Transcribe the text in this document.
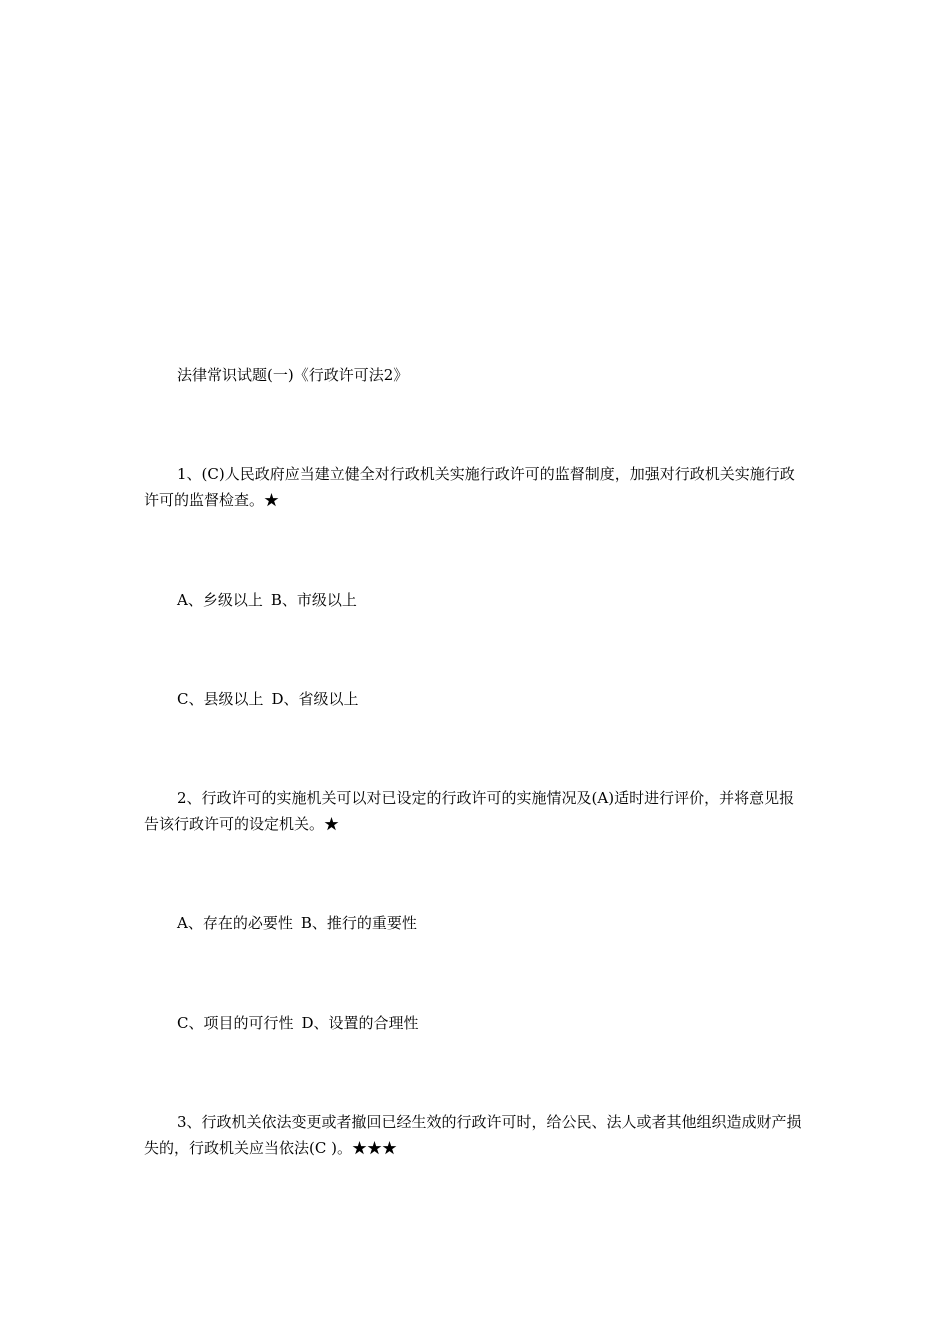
法律常识试题(一)《行政许可法2》

1、(C)人民政府应当建立健全对行政机关实施行政许可的监督制度，加强对行政机关实施行政许可的监督检查。★

A、乡级以上 B、市级以上

C、县级以上 D、省级以上

2、行政许可的实施机关可以对已设定的行政许可的实施情况及(A)适时进行评价，并将意见报告该行政许可的设定机关。★

A、存在的必要性 B、推行的重要性

C、项目的可行性 D、设置的合理性

3、行政机关依法变更或者撤回已经生效的行政许可时，给公民、法人或者其他组织造成财产损失的，行政机关应当依法(C )。★★★
